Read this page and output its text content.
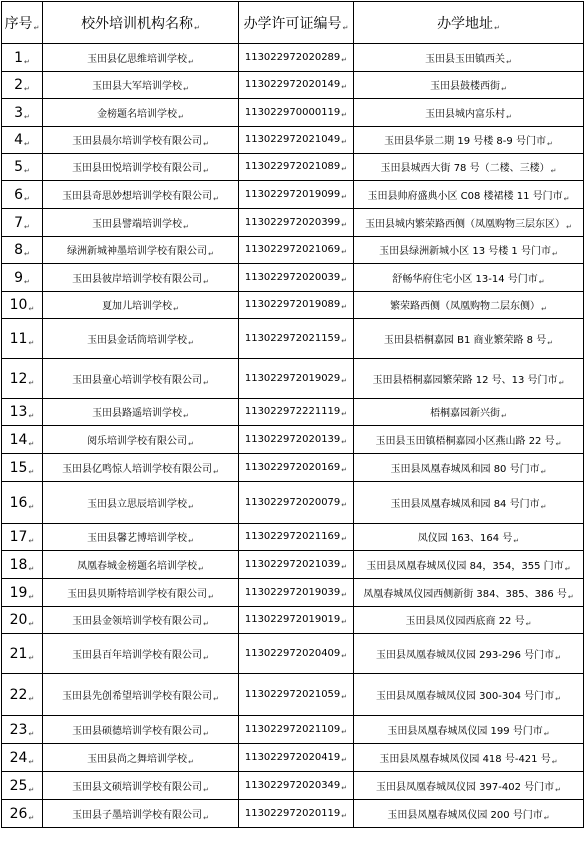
序号↵	校外培训机构名称↵	办学许可证编号↵	办学地址↵
1↵	玉田县亿思维培训学校$_↵$	$113022972020289_↵$	玉田县玉田镇西关$_↵$
2↵	玉田县大军培训学校$_↵$	$113022972020149_↵$	玉田县鼓楼西街$_↵$
3↵	金榜题名培训学校$_↵$	$113022970000119_↵$	玉田县城内富乐村$_↵$
4↵	玉田县晨尔培训学校有限公司$_↵$	$113022972021049_↵$	玉田县华景二期 19 号楼 8-9 号门市$_↵$
5↵	玉田县田悦培训学校有限公司$_↵$	$113022972021089_↵$	玉田县城西大街 78 号（二楼、三楼）$_↵$
6↵	玉田县奇思妙想培训学校有限公司$_↵$	$113022972019099_↵$	玉田县帅府盛典小区 C08 楼裙楼 11 号门市$_↵$
7↵	玉田县譬端培训学校$_↵$	$113022972020399_↵$	玉田县城内繁荣路西侧（凤凰购物三层东区）$_↵$
8↵	绿洲新城神墨培训学校有限公司$_↵$	$113022972021069_↵$	玉田县绿洲新城小区 13 号楼 1 号门市$_↵$
9↵	玉田县彼岸培训学校有限公司$_↵$	$113022972020039_↵$	舒畅华府住宅小区 13-14 号门市$_↵$
10↵	夏加儿培训学校$_↵$	$113022972019089_↵$	繁荣路西侧（凤凰购物二层东侧）$_↵$
11↵	玉田县金话筒培训学校$_↵$	$113022972021159_↵$	玉田县梧桐嘉园 B1 商业繁荣路 8 号$_↵$
12↵	玉田县童心培训学校有限公司$_↵$	$113022972019029_↵$	玉田县梧桐嘉园繁荣路 12 号、13 号门市$_↵$
13↵	玉田县路遥培训学校$_↵$	$113022972221119_↵$	梧桐嘉园新兴街$_↵$
14↵	阅乐培训学校有限公司$_↵$	$113022972020139_↵$	玉田县玉田镇梧桐嘉园小区燕山路 22 号$_↵$
15↵	玉田县亿鸣惊人培训学校有限公司$_↵$	$113022972020169_↵$	玉田县凤凰春城凤和园 80 号门市$_↵$
16↵	玉田县立思辰培训学校$_↵$	$113022972020079_↵$	玉田县凤凰春城凤和园 84 号门市$_↵$
17↵	玉田县馨艺博培训学校$_↵$	$113022972021169_↵$	凤仪园 163、164 号$_↵$
18↵	凤凰春城金榜题名培训学校$_↵$	$113022972021039_↵$	玉田县凤凰春城凤仪园 84，354，355 门市$_↵$
19↵	玉田县贝斯特培训学校有限公司$_↵$	$113022972019039_↵$	凤凰春城凤仪园西侧新街 384、385、386 号$_↵$
20↵	玉田县金领培训学校有限公司$_↵$	$113022972019019_↵$	玉田县凤仪园西底商 22 号$_↵$
21↵	玉田县百年培训学校有限公司$_↵$	$113022972020409_↵$	玉田县凤凰春城凤仪园 293-296 号门市$_↵$
22↵	玉田县先创希望培训学校有限公司$_↵$	$113022972021059_↵$	玉田县凤凰春城凤仪园 300-304 号门市$_↵$
23↵	玉田县硕德培训学校有限公司$_↵$	$113022972021109_↵$	玉田县凤凰春城凤仪园 199 号门市$_↵$
24↵	玉田县尚之舞培训学校$_↵$	$113022972020419_↵$	玉田县凤凰春城凤仪园 418 号-421 号$_↵$
25↵	玉田县文硕培训学校有限公司$_↵$	$113022972020349_↵$	玉田县凤凰春城凤仪园 397-402 号门市$_↵$
26↵	玉田县子墨培训学校有限公司$_↵$	$113022972020119_↵$	玉田县凤凰春城凤仪园 200 号门市$_↵$
